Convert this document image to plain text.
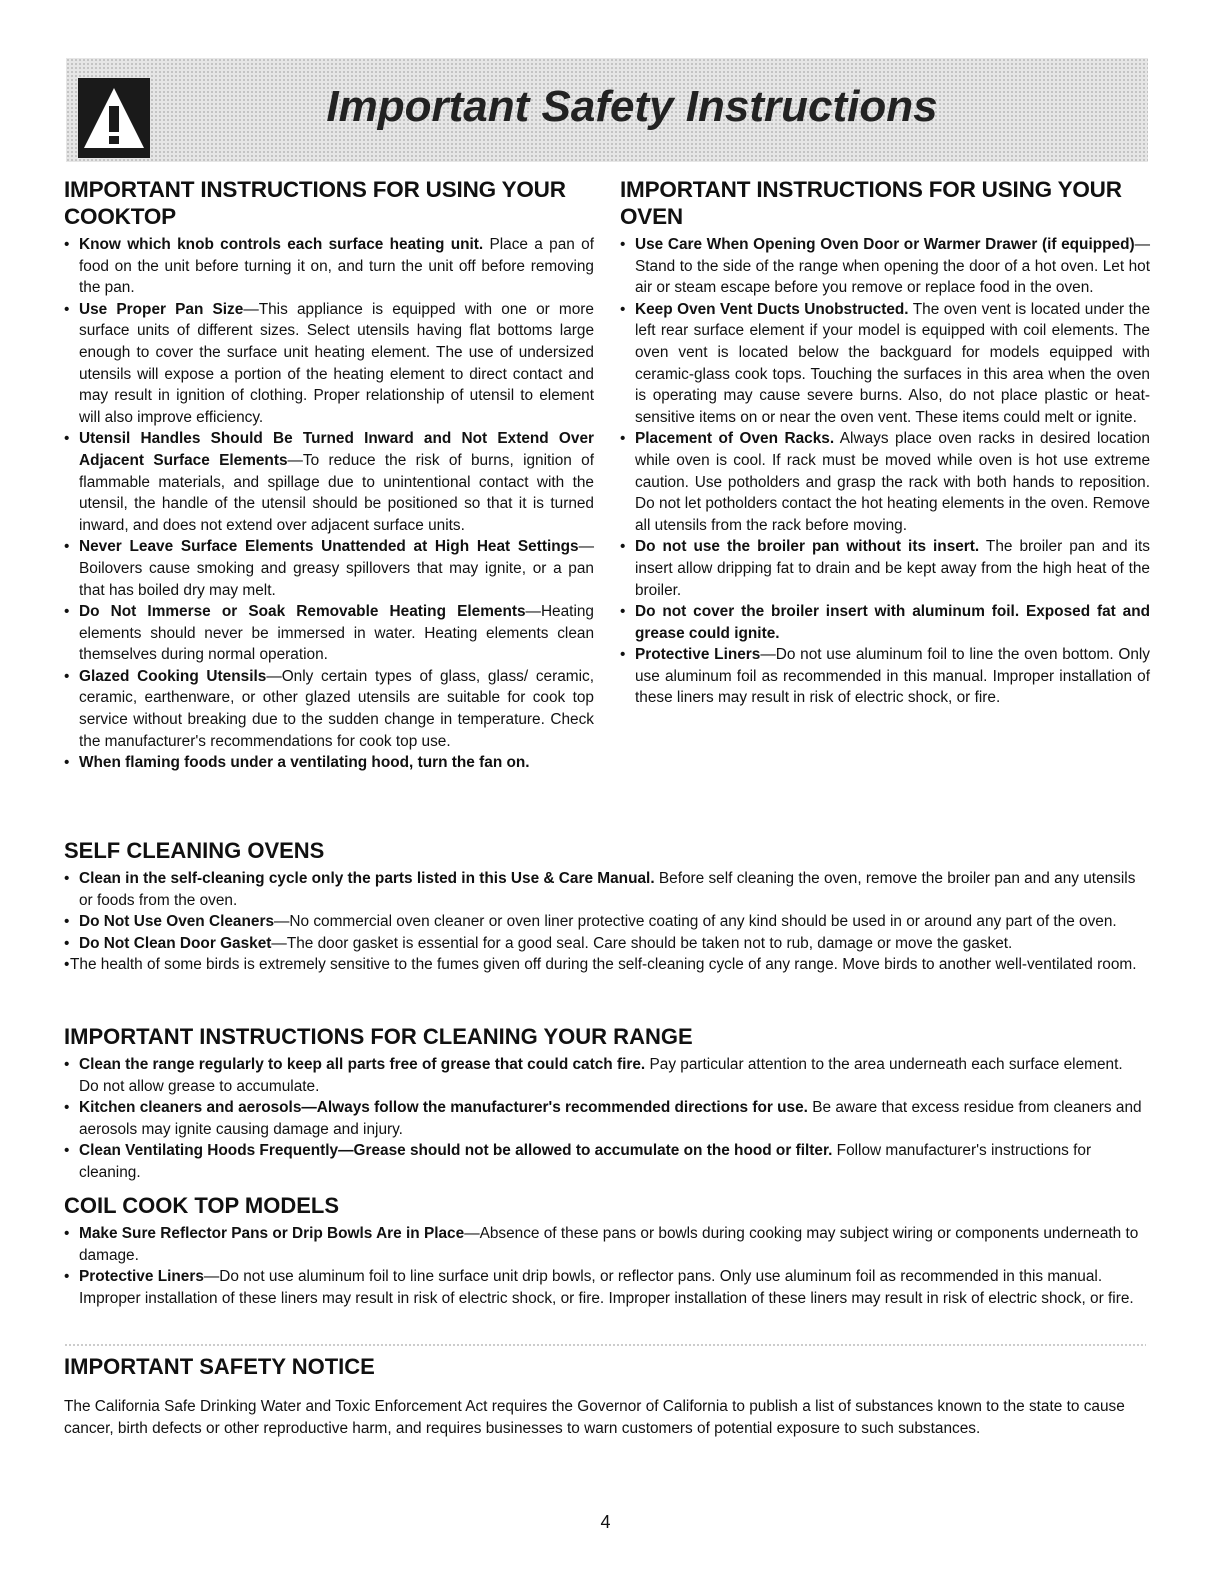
Important Safety Instructions
IMPORTANT INSTRUCTIONS FOR USING YOUR COOKTOP
• Know which knob controls each surface heating unit. Place a pan of food on the unit before turning it on, and turn the unit off before removing the pan.
• Use Proper Pan Size—This appliance is equipped with one or more surface units of different sizes. Select utensils having flat bottoms large enough to cover the surface unit heating element. The use of undersized utensils will expose a portion of the heating element to direct contact and may result in ignition of clothing. Proper relationship of utensil to element will also improve efficiency.
• Utensil Handles Should Be Turned Inward and Not Extend Over Adjacent Surface Elements—To reduce the risk of burns, ignition of flammable materials, and spillage due to unintentional contact with the utensil, the handle of the utensil should be positioned so that it is turned inward, and does not extend over adjacent surface units.
• Never Leave Surface Elements Unattended at High Heat Settings—Boilovers cause smoking and greasy spillovers that may ignite, or a pan that has boiled dry may melt.
• Do Not Immerse or Soak Removable Heating Elements—Heating elements should never be immersed in water. Heating elements clean themselves during normal operation.
• Glazed Cooking Utensils—Only certain types of glass, glass/ ceramic, ceramic, earthenware, or other glazed utensils are suitable for cook top service without breaking due to the sudden change in temperature. Check the manufacturer's recommendations for cook top use.
• When flaming foods under a ventilating hood, turn the fan on.
IMPORTANT INSTRUCTIONS FOR USING YOUR OVEN
• Use Care When Opening Oven Door or Warmer Drawer (if equipped)—Stand to the side of the range when opening the door of a hot oven. Let hot air or steam escape before you remove or replace food in the oven.
• Keep Oven Vent Ducts Unobstructed. The oven vent is located under the left rear surface element if your model is equipped with coil elements. The oven vent is located below the backguard for models equipped with ceramic-glass cook tops. Touching the surfaces in this area when the oven is operating may cause severe burns. Also, do not place plastic or heat-sensitive items on or near the oven vent. These items could melt or ignite.
• Placement of Oven Racks. Always place oven racks in desired location while oven is cool. If rack must be moved while oven is hot use extreme caution. Use potholders and grasp the rack with both hands to reposition. Do not let potholders contact the hot heating elements in the oven. Remove all utensils from the rack before moving.
• Do not use the broiler pan without its insert. The broiler pan and its insert allow dripping fat to drain and be kept away from the high heat of the broiler.
• Do not cover the broiler insert with aluminum foil. Exposed fat and grease could ignite.
• Protective Liners—Do not use aluminum foil to line the oven bottom. Only use aluminum foil as recommended in this manual. Improper installation of these liners may result in risk of electric shock, or fire.
SELF CLEANING OVENS
• Clean in the self-cleaning cycle only the parts listed in this Use & Care Manual. Before self cleaning the oven, remove the broiler pan and any utensils or foods from the oven.
• Do Not Use Oven Cleaners—No commercial oven cleaner or oven liner protective coating of any kind should be used in or around any part of the oven.
• Do Not Clean Door Gasket—The door gasket is essential for a good seal. Care should be taken not to rub, damage or move the gasket.
• The health of some birds is extremely sensitive to the fumes given off during the self-cleaning cycle of any range. Move birds to another well-ventilated room.
IMPORTANT INSTRUCTIONS FOR CLEANING YOUR RANGE
• Clean the range regularly to keep all parts free of grease that could catch fire. Pay particular attention to the area underneath each surface element. Do not allow grease to accumulate.
• Kitchen cleaners and aerosols—Always follow the manufacturer's recommended directions for use. Be aware that excess residue from cleaners and aerosols may ignite causing damage and injury.
• Clean Ventilating Hoods Frequently—Grease should not be allowed to accumulate on the hood or filter. Follow manufacturer's instructions for cleaning.
COIL COOK TOP MODELS
• Make Sure Reflector Pans or Drip Bowls Are in Place—Absence of these pans or bowls during cooking may subject wiring or components underneath to damage.
• Protective Liners—Do not use aluminum foil to line surface unit drip bowls, or reflector pans. Only use aluminum foil as recommended in this manual. Improper installation of these liners may result in risk of electric shock, or fire. Improper installation of these liners may result in risk of electric shock, or fire.
IMPORTANT SAFETY NOTICE

The California Safe Drinking Water and Toxic Enforcement Act requires the Governor of California to publish a list of substances known to the state to cause cancer, birth defects or other reproductive harm, and requires businesses to warn customers of potential exposure to such substances.

4
